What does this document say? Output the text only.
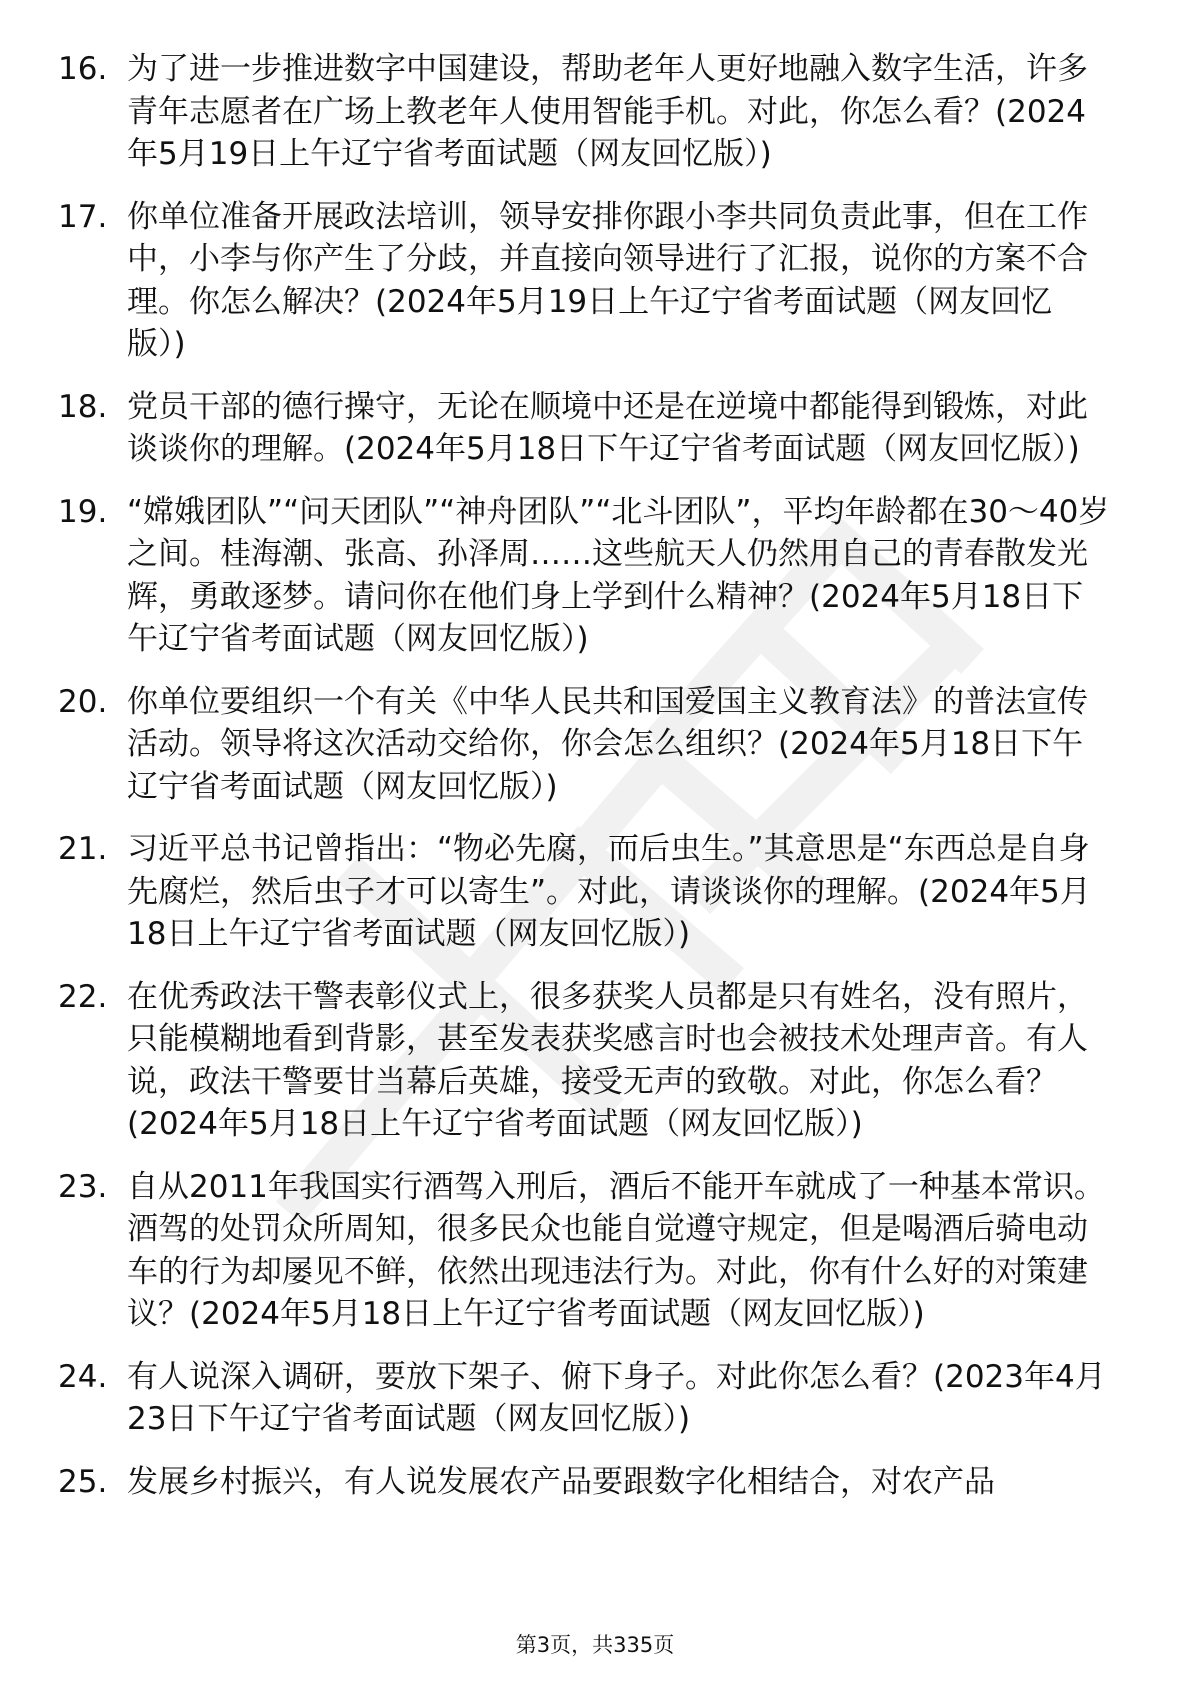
16. 为了进一步推进数字中国建设，帮助老年人更好地融入数字生活，许多青年志愿者在广场上教老年人使用智能手机。对此，你怎么看？(2024年5月19日上午辽宁省考面试题（网友回忆版）)
17. 你单位准备开展政法培训，领导安排你跟小李共同负责此事，但在工作中，小李与你产生了分歧，并直接向领导进行了汇报，说你的方案不合理。你怎么解决？(2024年5月19日上午辽宁省考面试题（网友回忆版）)
18. 党员干部的德行操守，无论在顺境中还是在逆境中都能得到锻炼，对此谈谈你的理解。(2024年5月18日下午辽宁省考面试题（网友回忆版）)
19. “嫦娥团队”“问天团队”“神舟团队”“北斗团队”，平均年龄都在30～40岁之间。桂海潮、张高、孙泽周……这些航天人仍然用自己的青春散发光辉，勇敢逐梦。请问你在他们身上学到什么精神？(2024年5月18日下午辽宁省考面试题（网友回忆版）)
20. 你单位要组织一个有关《中华人民共和国爱国主义教育法》的普法宣传活动。领导将这次活动交给你，你会怎么组织？(2024年5月18日下午辽宁省考面试题（网友回忆版）)
21. 习近平总书记曾指出：“物必先腐，而后虫生。”其意思是“东西总是自身先腐烂，然后虫子才可以寄生”。对此，请谈谈你的理解。(2024年5月18日上午辽宁省考面试题（网友回忆版）)
22. 在优秀政法干警表彰仪式上，很多获奖人员都是只有姓名，没有照片，只能模糊地看到背影，甚至发表获奖感言时也会被技术处理声音。有人说，政法干警要甘当幕后英雄，接受无声的致敬。对此，你怎么看？(2024年5月18日上午辽宁省考面试题（网友回忆版）)
23. 自从2011年我国实行酒驾入刑后，酒后不能开车就成了一种基本常识。酒驾的处罚众所周知，很多民众也能自觉遵守规定，但是喝酒后骑电动车的行为却屡见不鲜，依然出现违法行为。对此，你有什么好的对策建议？(2024年5月18日上午辽宁省考面试题（网友回忆版）)
24. 有人说深入调研，要放下架子、俯下身子。对此你怎么看？(2023年4月23日下午辽宁省考面试题（网友回忆版）)
25. 发展乡村振兴，有人说发展农产品要跟数字化相结合，对农产品
第3页，共335页
